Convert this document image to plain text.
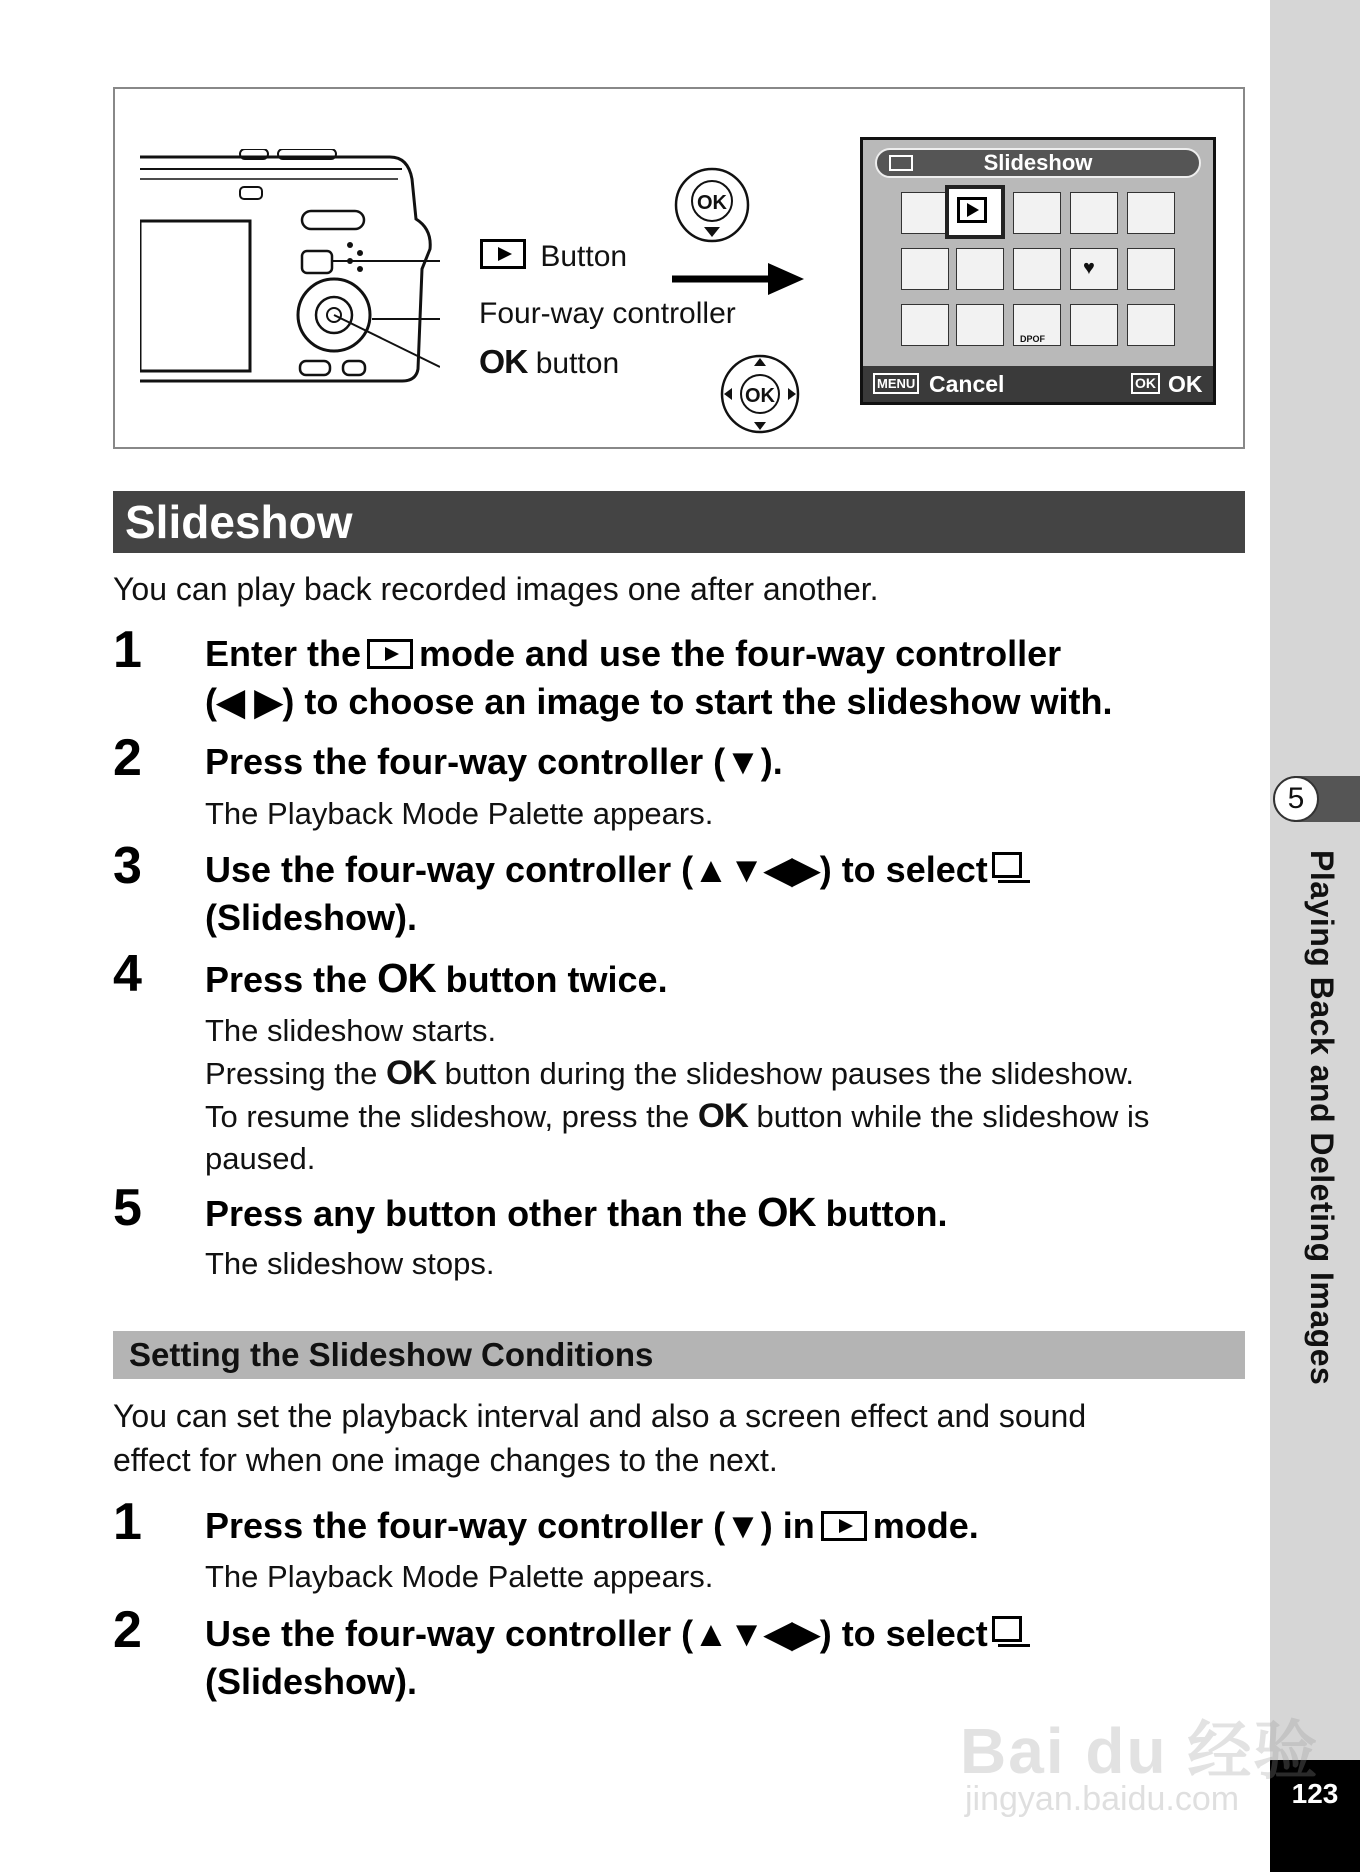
Button
Four-way controller
OK button
OK
OK
Slideshow
♥
DPOF
MENU Cancel	OK OK
Slideshow
You can play back recorded images one after another.
1 Enter the mode and use the four-way controller
(◀ ▶) to choose an image to start the slideshow with.
2 Press the four-way controller (▼).
The Playback Mode Palette appears.
3 Use the four-way controller (▲▼◀▶) to select
(Slideshow).
4 Press the OK button twice.
The slideshow starts.
Pressing the OK button during the slideshow pauses the slideshow.
To resume the slideshow, press the OK button while the slideshow is
paused.
5 Press any button other than the OK button.
The slideshow stops.
Setting the Slideshow Conditions
You can set the playback interval and also a screen effect and sound
effect for when one image changes to the next.
1 Press the four-way controller (▼) in mode.
The Playback Mode Palette appears.
2 Use the four-way controller (▲▼◀▶) to select
(Slideshow).
5
Playing Back and Deleting Images
123
Bai du 经验
jingyan.baidu.com
